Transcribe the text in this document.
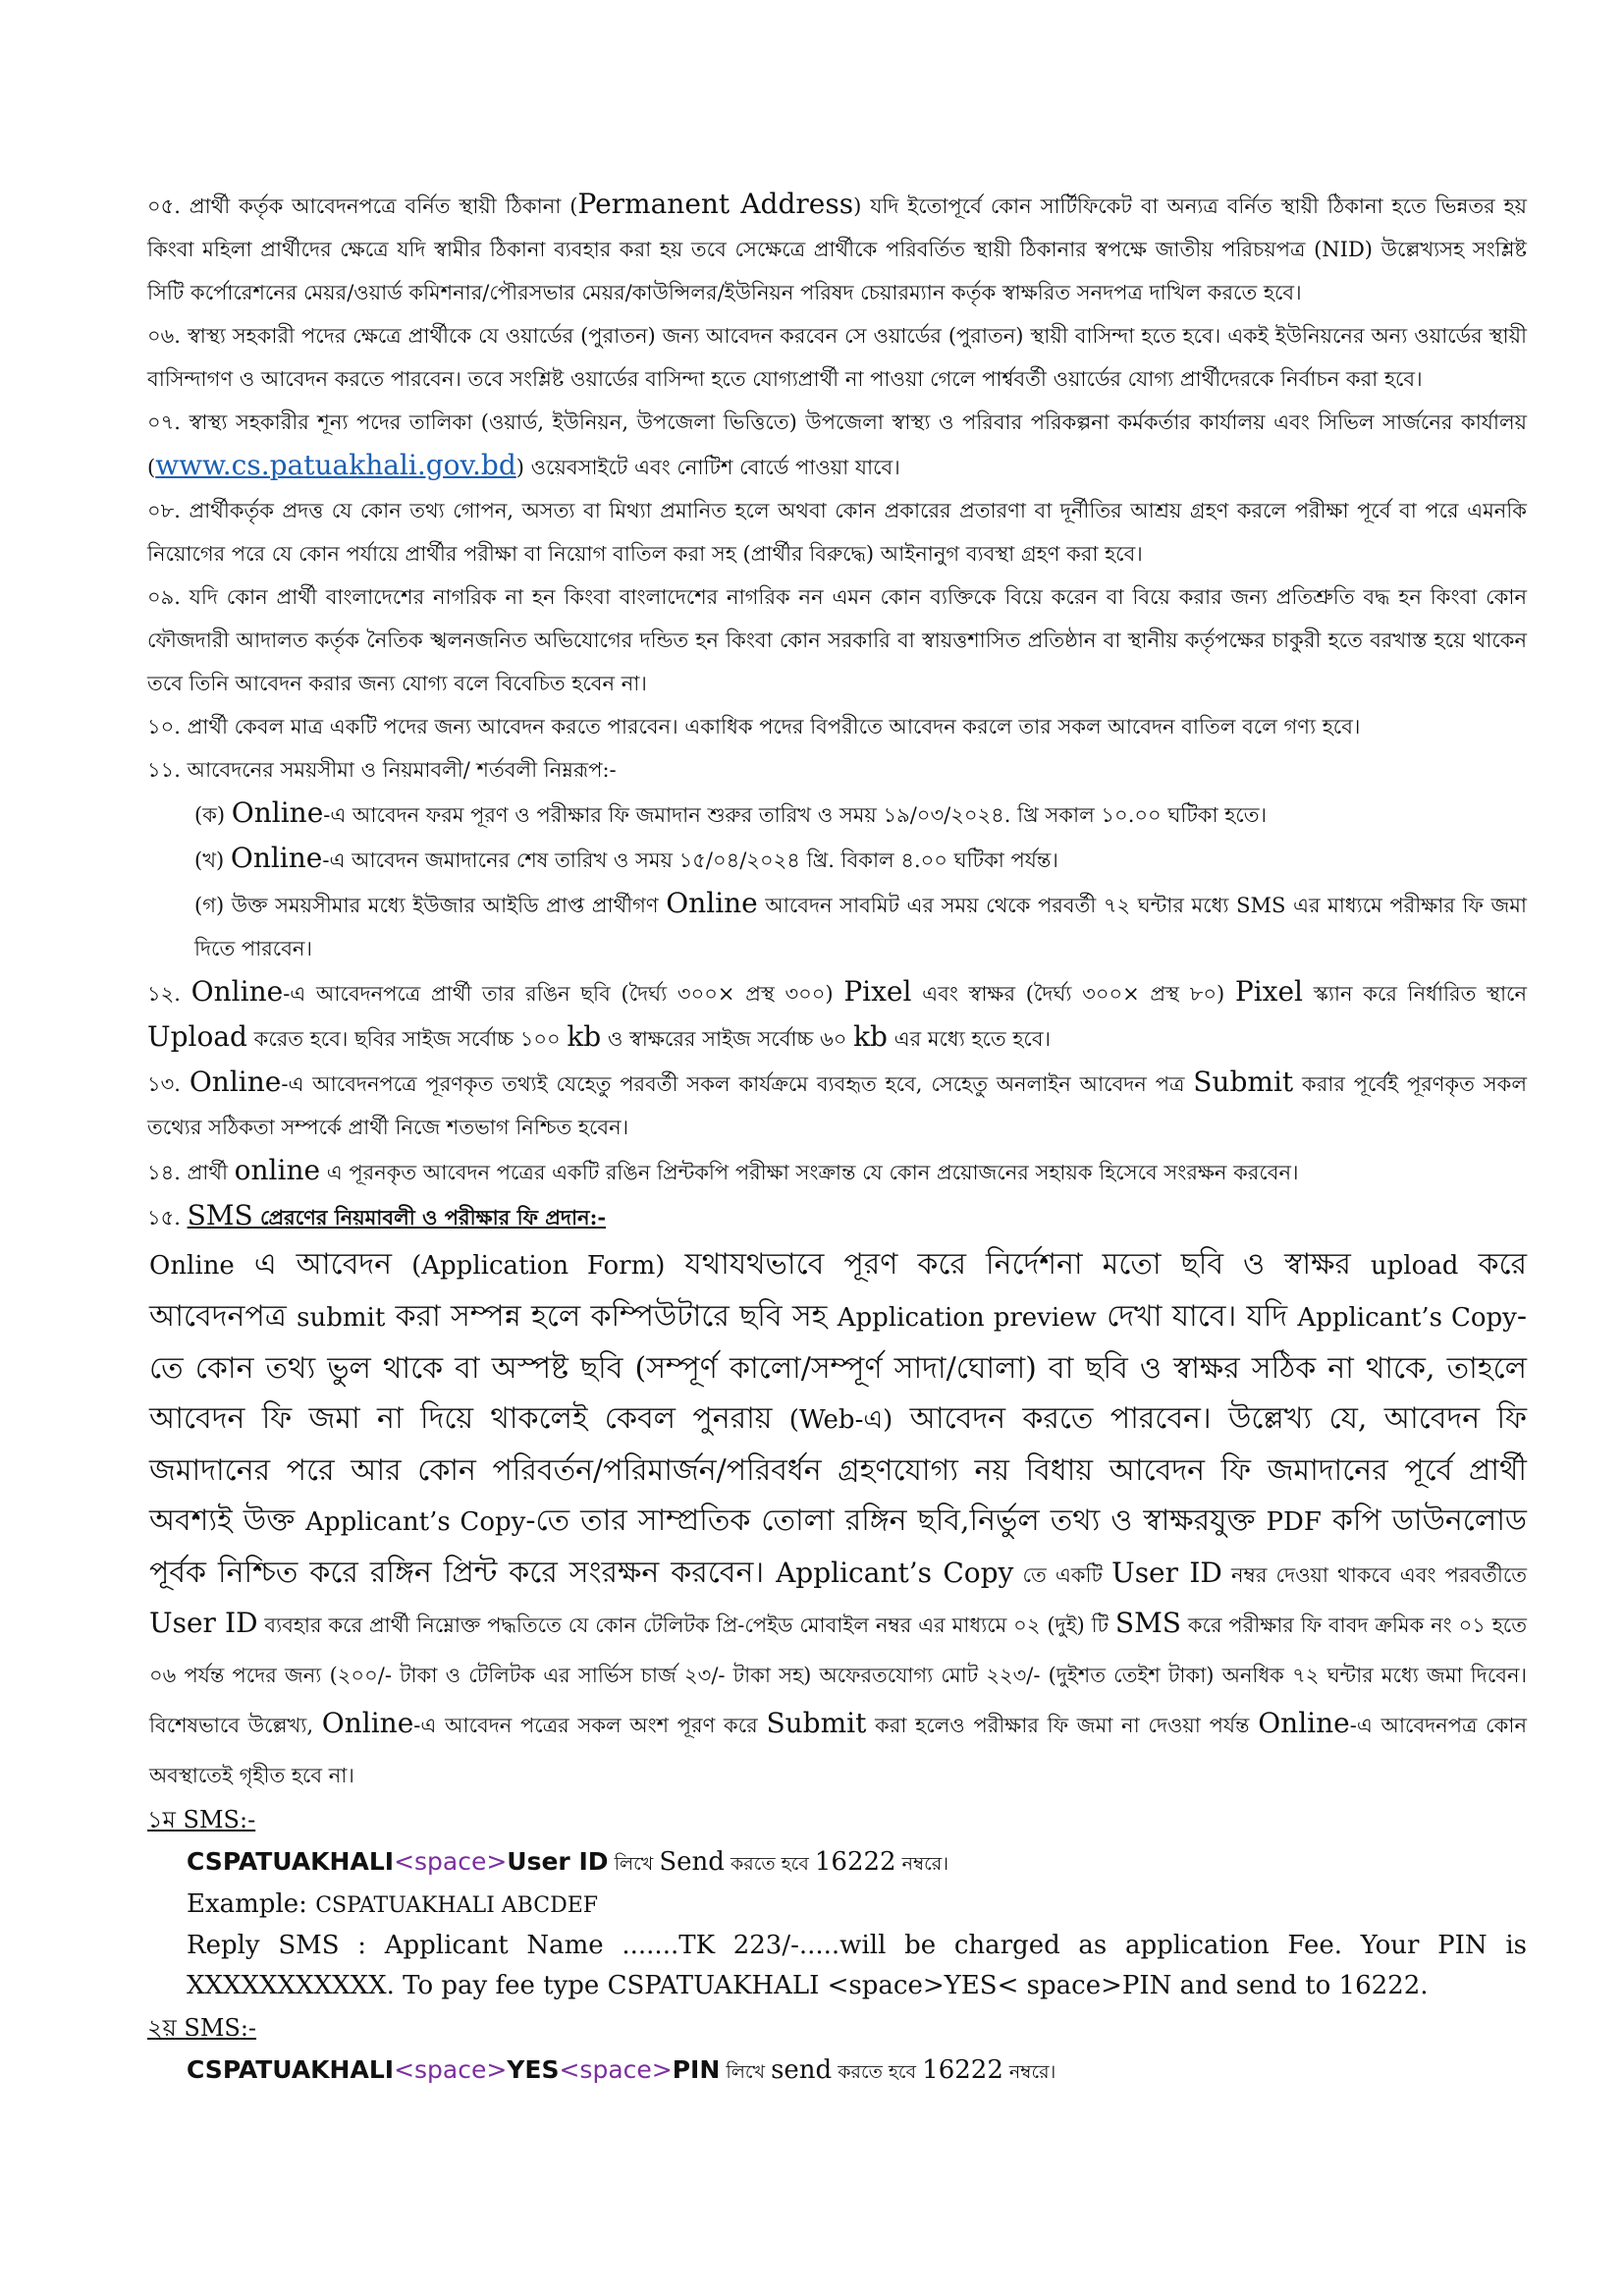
০৫. প্রার্থী কর্তৃক আবেদনপত্রে বর্নিত স্থায়ী ঠিকানা (Permanent Address) যদি ইতোপূর্বে কোন সার্টিফিকেট বা অন্যত্র বর্নিত স্থায়ী ঠিকানা হতে ভিন্নতর হয় কিংবা মহিলা প্রার্থীদের ক্ষেত্রে যদি স্বামীর ঠিকানা ব্যবহার করা হয় তবে সেক্ষেত্রে প্রার্থীকে পরিবর্তিত স্থায়ী ঠিকানার স্বপক্ষে জাতীয় পরিচয়পত্র (NID) উল্লেখ্যসহ সংশ্লিষ্ট সিটি কর্পোরেশনের মেয়র/ওয়ার্ড কমিশনার/পৌরসভার মেয়র/কাউন্সিলর/ইউনিয়ন পরিষদ চেয়ারম্যান কর্তৃক স্বাক্ষরিত সনদপত্র দাখিল করতে হবে।

০৬. স্বাস্থ্য সহকারী পদের ক্ষেত্রে প্রার্থীকে যে ওয়ার্ডের (পুরাতন) জন্য আবেদন করবেন সে ওয়ার্ডের (পুরাতন) স্থায়ী বাসিন্দা হতে হবে। একই ইউনিয়নের অন্য ওয়ার্ডের স্থায়ী বাসিন্দাগণ ও আবেদন করতে পারবেন। তবে সংশ্লিষ্ট ওয়ার্ডের বাসিন্দা হতে যোগ্যপ্রার্থী না পাওয়া গেলে পার্শ্ববর্তী ওয়ার্ডের যোগ্য প্রার্থীদেরকে নির্বাচন করা হবে।

০৭. স্বাস্থ্য সহকারীর শূন্য পদের তালিকা (ওয়ার্ড, ইউনিয়ন, উপজেলা ভিত্তিতে) উপজেলা স্বাস্থ্য ও পরিবার পরিকল্পনা কর্মকর্তার কার্যালয় এবং সিভিল সার্জনের কার্যালয় (www.cs.patuakhali.gov.bd) ওয়েবসাইটে এবং নোটিশ বোর্ডে পাওয়া যাবে।

০৮. প্রার্থীকর্তৃক প্রদত্ত যে কোন তথ্য গোপন, অসত্য বা মিথ্যা প্রমানিত হলে অথবা কোন প্রকারের প্রতারণা বা দূর্নীতির আশ্রয় গ্রহণ করলে পরীক্ষা পূর্বে বা পরে এমনকি নিয়োগের পরে যে কোন পর্যায়ে প্রার্থীর পরীক্ষা বা নিয়োগ বাতিল করা সহ (প্রার্থীর বিরুদ্ধে) আইনানুগ ব্যবস্থা গ্রহণ করা হবে।

০৯. যদি কোন প্রার্থী বাংলাদেশের নাগরিক না হন কিংবা বাংলাদেশের নাগরিক নন এমন কোন ব্যক্তিকে বিয়ে করেন বা বিয়ে করার জন্য প্রতিশ্রুতি বদ্ধ হন কিংবা কোন ফৌজদারী আদালত কর্তৃক নৈতিক স্খলনজনিত অভিযোগের দন্ডিত হন কিংবা কোন সরকারি বা স্বায়ত্তশাসিত প্রতিষ্ঠান বা স্থানীয় কর্তৃপক্ষের চাকুরী হতে বরখাস্ত হয়ে থাকেন তবে তিনি আবেদন করার জন্য যোগ্য বলে বিবেচিত হবেন না।

১০. প্রার্থী কেবল মাত্র একটি পদের জন্য আবেদন করতে পারবেন। একাধিক পদের বিপরীতে আবেদন করলে তার সকল আবেদন বাতিল বলে গণ্য হবে।

১১. আবেদনের সময়সীমা ও নিয়মাবলী/ শর্তবলী নিম্নরূপ:-

(ক) Online-এ আবেদন ফরম পূরণ ও পরীক্ষার ফি জমাদান শুরুর তারিখ ও সময় ১৯/০৩/২০২৪. খ্রি সকাল ১০.০০ ঘটিকা হতে।

(খ) Online-এ আবেদন জমাদানের শেষ তারিখ ও সময় ১৫/০৪/২০২৪ খ্রি. বিকাল ৪.০০ ঘটিকা পর্যন্ত।

(গ) উক্ত সময়সীমার মধ্যে ইউজার আইডি প্রাপ্ত প্রার্থীগণ Online আবেদন সাবমিট এর সময় থেকে পরবর্তী ৭২ ঘন্টার মধ্যে SMS এর মাধ্যমে পরীক্ষার ফি জমা দিতে পারবেন।

১২. Online-এ আবেদনপত্রে প্রার্থী তার রঙিন ছবি (দৈর্ঘ্য ৩০০× প্রস্থ ৩০০) Pixel এবং স্বাক্ষর (দৈর্ঘ্য ৩০০× প্রস্থ ৮০) Pixel স্ক্যান করে নির্ধারিত স্থানে Upload করেত হবে। ছবির সাইজ সর্বোচ্চ ১০০ kb ও স্বাক্ষরের সাইজ সর্বোচ্চ ৬০ kb এর মধ্যে হতে হবে।

১৩. Online-এ আবেদনপত্রে পূরণকৃত তথ্যই যেহেতু পরবর্তী সকল কার্যক্রমে ব্যবহৃত হবে, সেহেতু অনলাইন আবেদন পত্র Submit করার পূর্বেই পূরণকৃত সকল তথ্যের সঠিকতা সম্পর্কে প্রার্থী নিজে শতভাগ নিশ্চিত হবেন।

১৪. প্রার্থী online এ পূরনকৃত আবেদন পত্রের একটি রঙিন প্রিন্টকপি পরীক্ষা সংক্রান্ত যে কোন প্রয়োজনের সহায়ক হিসেবে সংরক্ষন করবেন।

১৫. SMS প্রেরণের নিয়মাবলী ও পরীক্ষার ফি প্রদান:-

Online এ আবেদন (Application Form) যথাযথভাবে পূরণ করে নির্দেশনা মতো ছবি ও স্বাক্ষর upload করে আবেদনপত্র submit করা সম্পন্ন হলে কম্পিউটারে ছবি সহ Application preview দেখা যাবে। যদি Applicant’s Copy-তে কোন তথ্য ভুল থাকে বা অস্পষ্ট ছবি (সম্পূর্ণ কালো/সম্পূর্ণ সাদা/ঘোলা) বা ছবি ও স্বাক্ষর সঠিক না থাকে, তাহলে আবেদন ফি জমা না দিয়ে থাকলেই কেবল পুনরায় (Web-এ) আবেদন করতে পারবেন। উল্লেখ্য যে, আবেদন ফি জমাদানের পরে আর কোন পরিবর্তন/পরিমার্জন/পরিবর্ধন গ্রহণযোগ্য নয় বিধায় আবেদন ফি জমাদানের পূর্বে প্রার্থী অবশ্যই উক্ত Applicant’s Copy-তে তার সাম্প্রতিক তোলা রঙ্গিন ছবি,নির্ভুল তথ্য ও স্বাক্ষরযুক্ত PDF কপি ডাউনলোড পূর্বক নিশ্চিত করে রঙ্গিন প্রিন্ট করে সংরক্ষন করবেন। Applicant’s Copy তে একটি User ID নম্বর দেওয়া থাকবে এবং পরবর্তীতে User ID ব্যবহার করে প্রার্থী নিম্নোক্ত পদ্ধতিতে যে কোন টেলিটক প্রি-পেইড মোবাইল নম্বর এর মাধ্যমে ০২ (দুই) টি SMS করে পরীক্ষার ফি বাবদ ক্রমিক নং ০১ হতে ০৬ পর্যন্ত পদের জন্য (২০০/- টাকা ও টেলিটক এর সার্ভিস চার্জ ২৩/- টাকা সহ) অফেরতযোগ্য মোট ২২৩/- (দুইশত তেইশ টাকা) অনধিক ৭২ ঘন্টার মধ্যে জমা দিবেন। বিশেষভাবে উল্লেখ্য, Online-এ আবেদন পত্রের সকল অংশ পূরণ করে Submit করা হলেও পরীক্ষার ফি জমা না দেওয়া পর্যন্ত Online-এ আবেদনপত্র কোন অবস্থাতেই গৃহীত হবে না।

১ম SMS:-

CSPATUAKHALI<space>User ID লিখে Send করতে হবে 16222 নম্বরে।

Example: CSPATUAKHALI ABCDEF

Reply SMS : Applicant Name .......TK 223/-.....will be charged as application Fee. Your PIN is XXXXXXXXXXX. To pay fee type CSPATUAKHALI <space>YES< space>PIN and send to 16222.

২য় SMS:-

CSPATUAKHALI<space>YES<space>PIN লিখে send করতে হবে 16222 নম্বরে।
